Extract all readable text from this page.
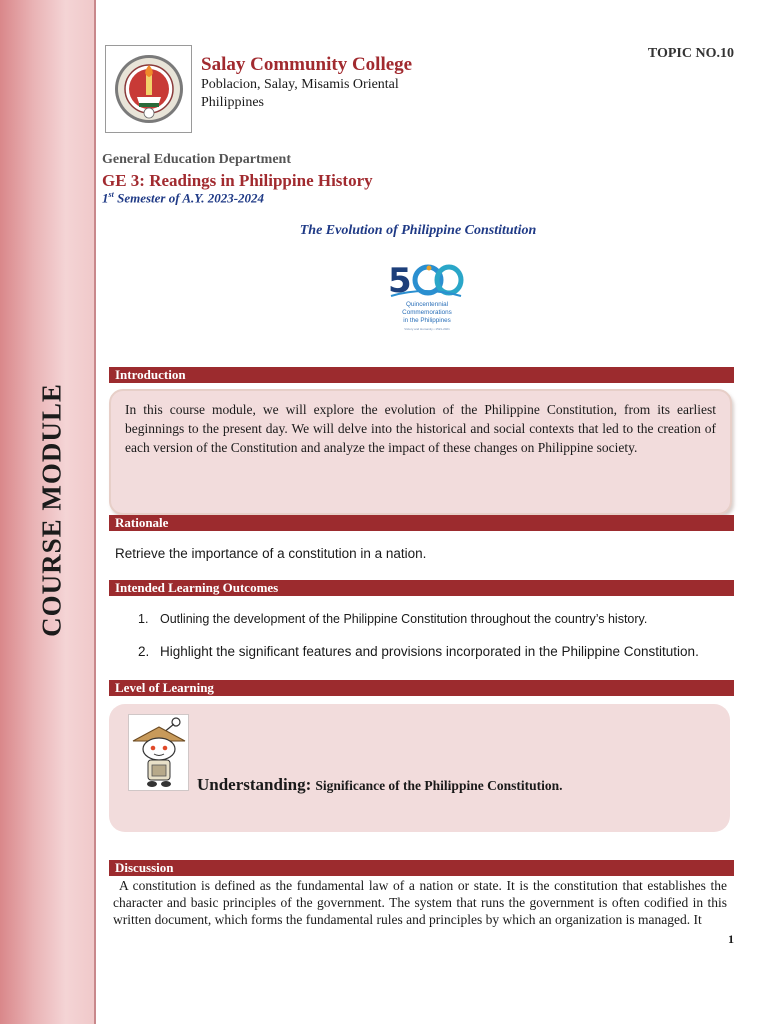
COURSE MODULE
TOPIC NO.10
Salay Community College
Poblacion, Salay, Misamis Oriental
Philippines
General Education Department
GE 3: Readings in Philippine History
1st Semester of A.Y. 2023-2024
The Evolution of Philippine Constitution
5
Quincentennial
Commemorations
in the Philippines
Victory and Humanity • 1521-2021
Introduction

In this course module, we will explore the evolution of the Philippine Constitution, from its earliest beginnings to the present day. We will delve into the historical and social contexts that led to the creation of each version of the Constitution and analyze the impact of these changes on Philippine society.

Rationale
Retrieve the importance of a constitution in a nation.
Intended Learning Outcomes
1. Outlining the development of the Philippine Constitution throughout the country’s history.
2. Highlight the significant features and provisions incorporated in the Philippine Constitution.
Level of Learning
Understanding: Significance of the Philippine Constitution.
Discussion

A constitution is defined as the fundamental law of a nation or state. It is the constitution that establishes the character and basic principles of the government. The system that runs the government is often codified in this written document, which forms the fundamental rules and principles by which an organization is managed. It

1
